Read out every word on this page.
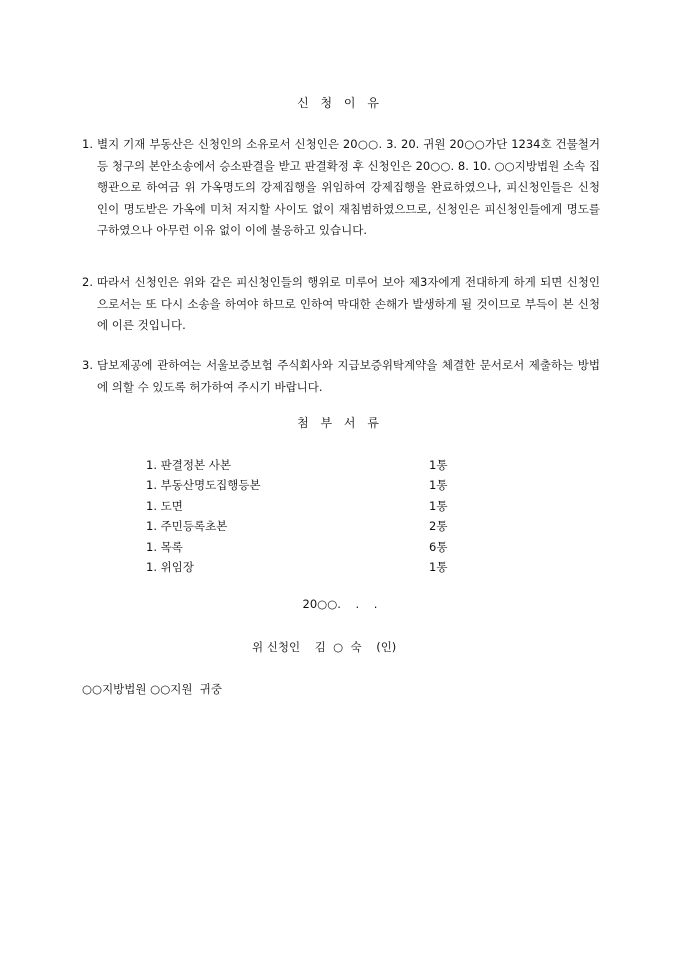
신 청 이 유
1. 별지 기재 부동산은 신청인의 소유로서 신청인은 20○○. 3. 20. 귀원 20○○가단 1234호 건물철거 등 청구의 본안소송에서 승소판결을 받고 판결확정 후 신청인은 20○○. 8. 10. ○○지방법원 소속 집행관으로 하여금 위 가옥명도의 강제집행을 위임하여 강제집행을 완료하였으나, 피신청인들은 신청인이 명도받은 가옥에 미처 저지할 사이도 없이 재침범하였으므로, 신청인은 피신청인들에게 명도를 구하였으나 아무런 이유 없이 이에 불응하고 있습니다.
2. 따라서 신청인은 위와 같은 피신청인들의 행위로 미루어 보아 제3자에게 전대하게 하게 되면 신청인으로서는 또 다시 소송을 하여야 하므로 인하여 막대한 손해가 발생하게 될 것이므로 부득이 본 신청에 이른 것입니다.
3. 담보제공에 관하여는 서울보증보험 주식회사와 지급보증위탁계약을 체결한 문서로서 제출하는 방법에 의할 수 있도록 허가하여 주시기 바랍니다.
첨 부 서 류
1. 판결정본 사본	1통
1. 부동산명도집행등본	1통
1. 도면	1통
1. 주민등록초본	2통
1. 목록	6통
1. 위임장	1통
20○○.    .    .
위 신청인    김  ○  숙    (인)
○○지방법원 ○○지원  귀중
